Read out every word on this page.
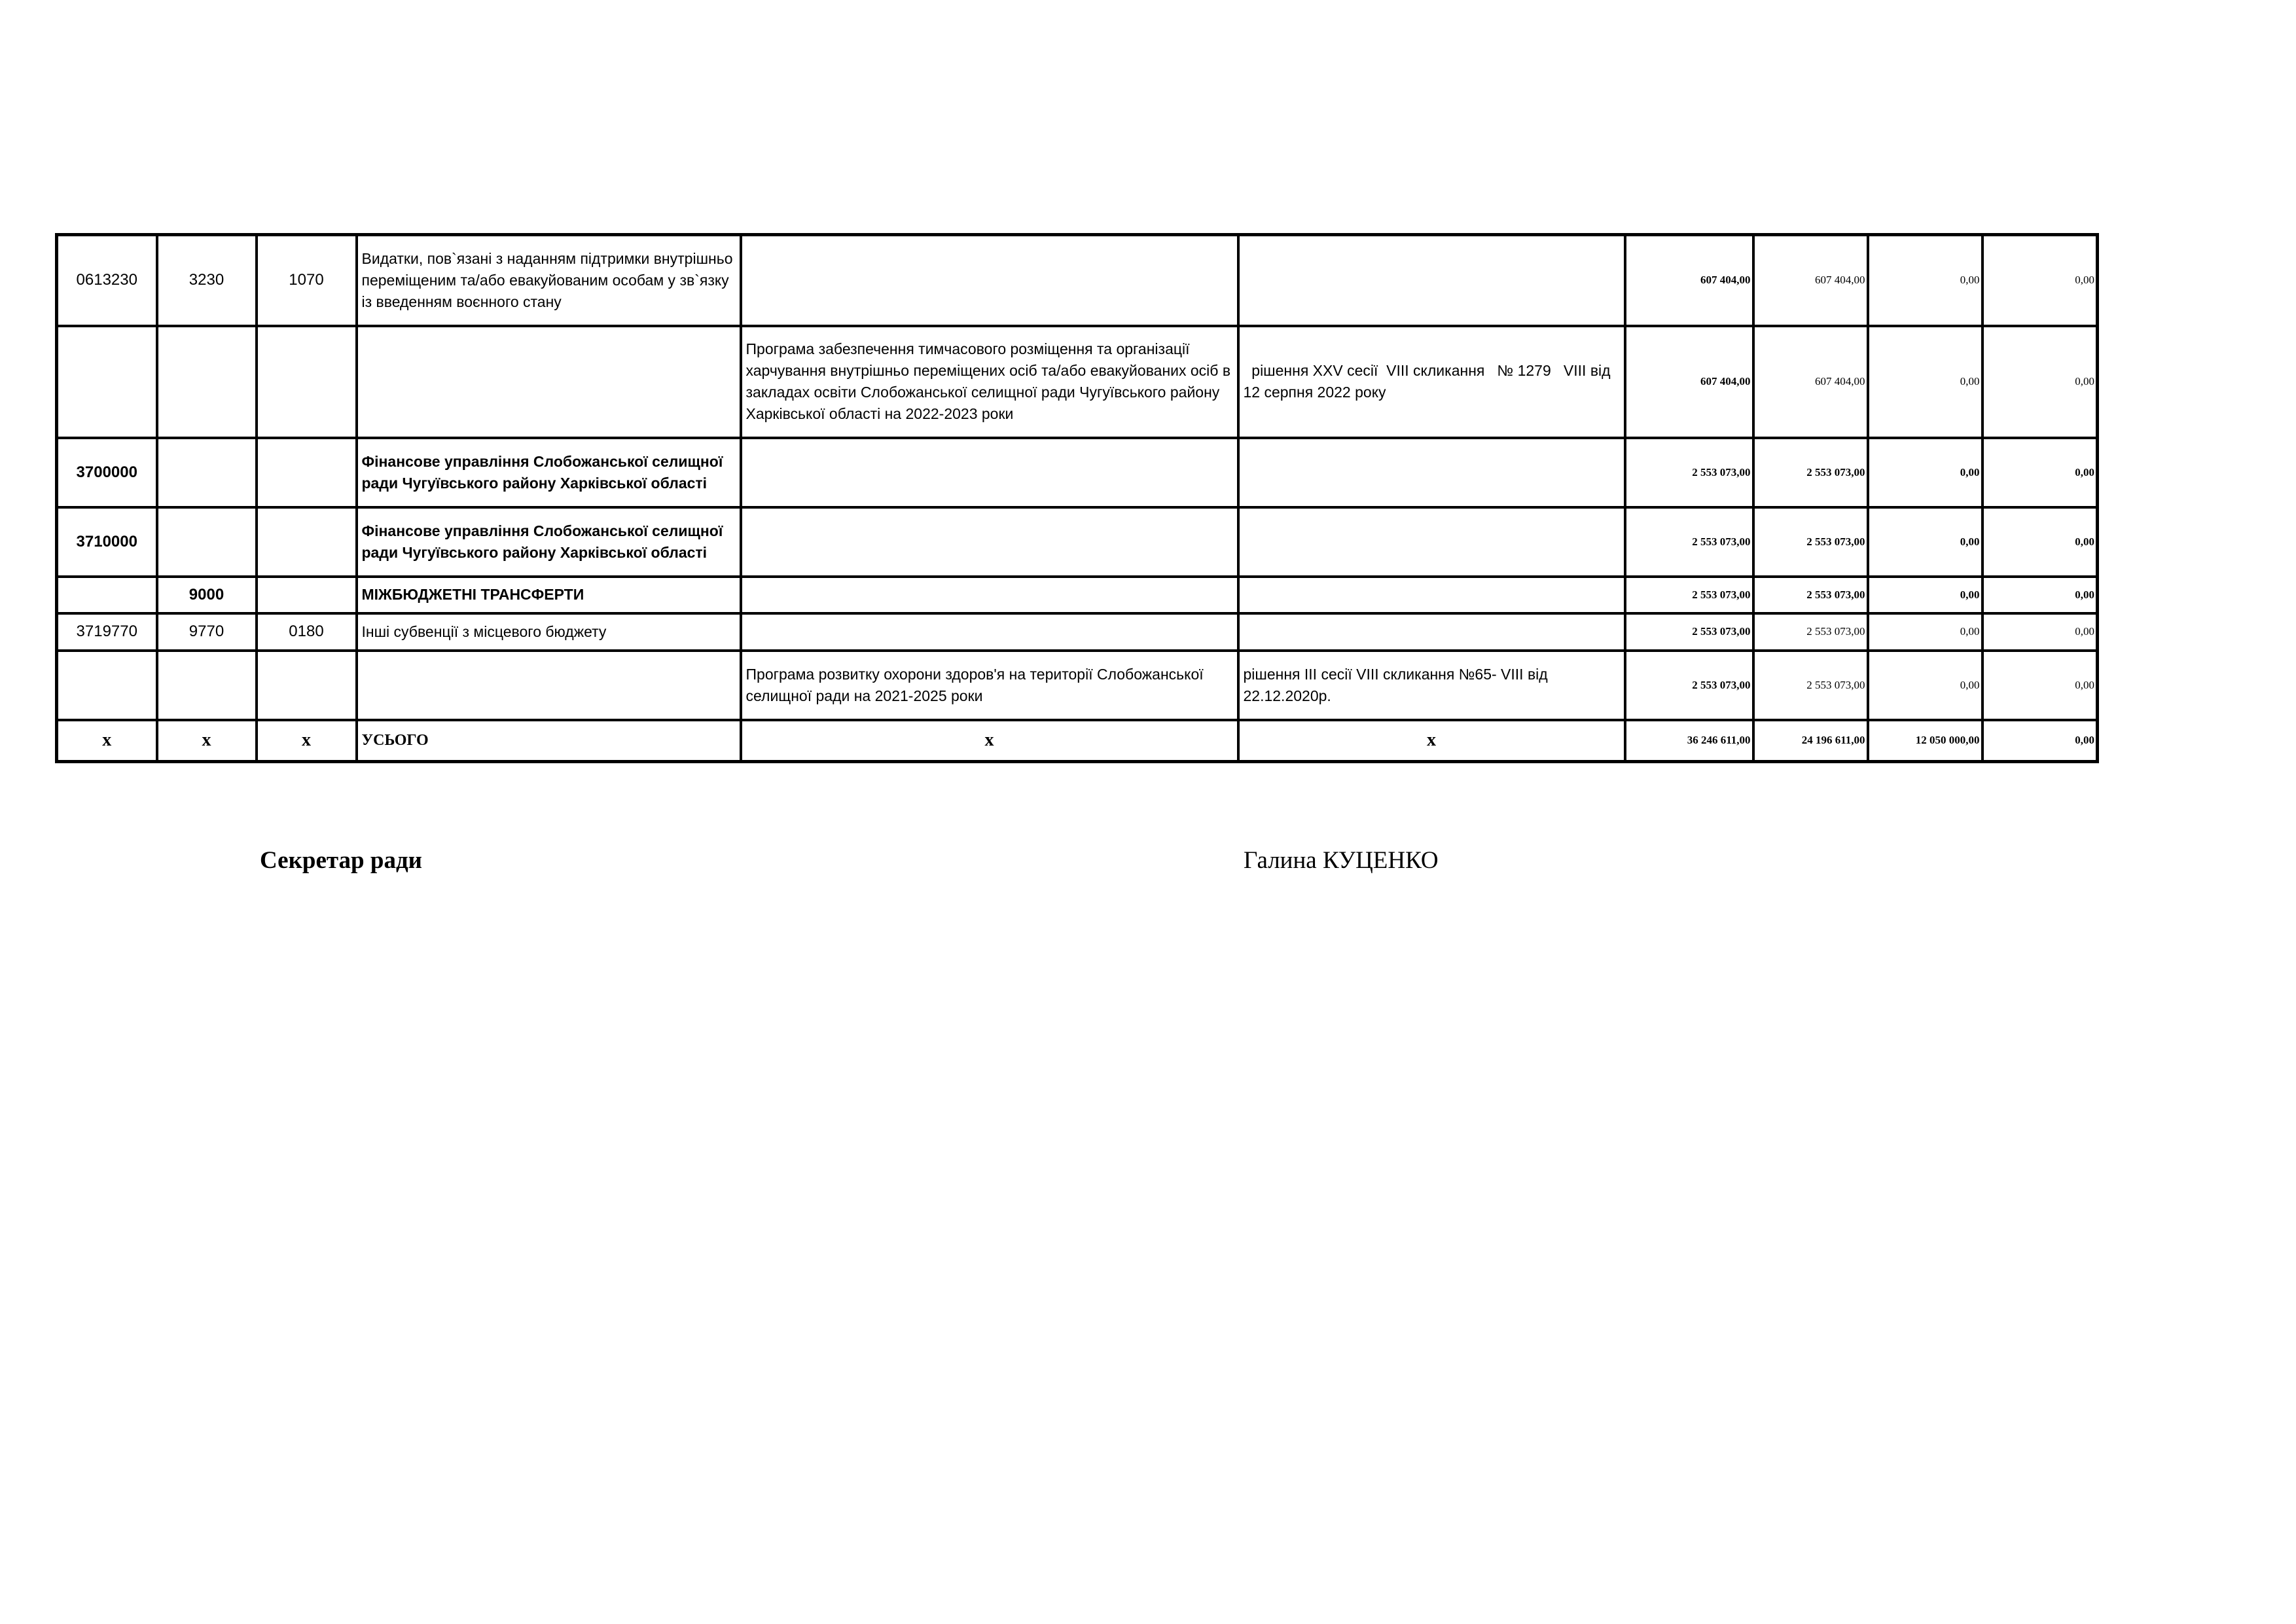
0613230	3230	1070	Видатки, пов`язані з наданням підтримки внутрішньо переміщеним та/або евакуйованим особам у зв`язку із введенням воєнного стану			607 404,00	607 404,00	0,00	0,00
				Програма забезпечення тимчасового розміщення та організації харчування внутрішньо переміщених осіб та/або евакуйованих осіб в закладах освіти Слобожанської селищної ради Чугуївського району Харківської області на 2022-2023 роки	рішення XXV сесії  VIII скликання   № 1279   VIII від 12 серпня 2022 року	607 404,00	607 404,00	0,00	0,00
3700000			Фінансове управління Слобожанської селищної ради Чугуївського району Харківської області			2 553 073,00	2 553 073,00	0,00	0,00
3710000			Фінансове управління Слобожанської селищної ради Чугуївського району Харківської області			2 553 073,00	2 553 073,00	0,00	0,00
	9000		МІЖБЮДЖЕТНІ ТРАНСФЕРТИ			2 553 073,00	2 553 073,00	0,00	0,00
3719770	9770	0180	Інші субвенції з місцевого бюджету			2 553 073,00	2 553 073,00	0,00	0,00
				Програма розвитку охорони здоров'я на території Слобожанської селищної ради на 2021-2025 роки	рішення ІІІ сесії VIІІ скликання №65- VІІІ від 22.12.2020р.	2 553 073,00	2 553 073,00	0,00	0,00
x	x	x	УСЬОГО	x	x	36 246 611,00	24 196 611,00	12 050 000,00	0,00
Секретар ради	Галина КУЦЕНКО
